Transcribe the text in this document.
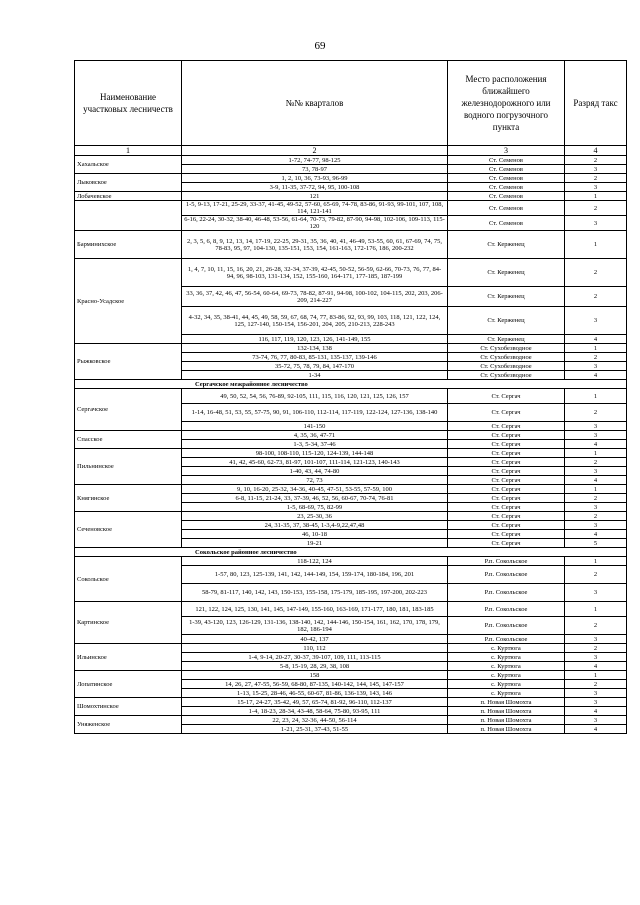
69
Наименование участковых лесничеств	№№ кварталов	Место расположения ближайшего железнодорожного или водного погрузочного пункта	Разряд такс
1	2	3	4
Хахальское	1-72, 74-77, 98-125	Ст. Семенов	2
	73, 78-97	Ст. Семенов	3
Лыковское	1, 2, 10, 36, 73-93, 96-99	Ст. Семенов	2
	3-9, 11-35, 37-72, 94, 95, 100-108	Ст. Семенов	3
Лобачевское	121	Ст. Семенов	1
	1-5, 9-13, 17-21, 25-29, 33-37, 41-45, 49-52, 57-60, 65-69, 74-78, 83-86, 91-93, 99-101, 107, 108, 114, 121-141	Ст. Семенов	2
	6-16, 22-24, 30-32, 38-40, 46-48, 53-56, 61-64, 70-73, 79-82, 87-90, 94-98, 102-106, 109-113, 115-120	Ст. Семенов	3
Барминихское	2, 3, 5, 6, 8, 9, 12, 13, 14, 17-19, 22-25, 29-31, 35, 36, 40, 41, 46-49, 53-55, 60, 61, 67-69, 74, 75, 78-83, 95, 97, 104-130, 135-151, 153, 154, 161-163, 172-176, 186, 200-232	Ст. Керженец	1
Красно-Усадское	1, 4, 7, 10, 11, 15, 16, 20, 21, 26-28, 32-34, 37-39, 42-45, 50-52, 56-59, 62-66, 70-73, 76, 77, 84-94, 96, 98-103, 131-134, 152, 155-160, 164-171, 177-185, 187-199	Ст. Керженец	2
	33, 36, 37, 42, 46, 47, 56-54, 60-64, 69-73, 78-82, 87-91, 94-98, 100-102, 104-115, 202, 203, 206-209, 214-227	Ст. Керженец	2
	4-32, 34, 35, 38-41, 44, 45, 49, 58, 59, 67, 68, 74, 77, 83-86, 92, 93, 99, 103, 118, 121, 122, 124, 125, 127-140, 150-154, 156-201, 204, 205, 210-213, 228-243	Ст. Керженец	3
	116, 117, 119, 120, 123, 126, 141-149, 155	Ст. Керженец	4
Рыжковское	132-134, 138	Ст. Сухобезводное	1
	73-74, 76, 77, 80-83, 85-131, 135-137, 139-146	Ст. Сухобезводное	2
	35-72, 75, 78, 79, 84, 147-170	Ст. Сухобезводное	3
	1-34	Ст. Сухобезводное	4
Сергачское межрайонное лесничество			
Сергачское	49, 50, 52, 54, 56, 76-89, 92-105, 111, 115, 116, 120, 121, 125, 126, 157	Ст. Сергач	1
	1-14, 16-48, 51, 53, 55, 57-75, 90, 91, 106-110, 112-114, 117-119, 122-124, 127-136, 138-140	Ст. Сергач	2
	141-150	Ст. Сергач	3
Спасское	4, 35, 36, 47-71	Ст. Сергач	3
	1-3, 5-34, 37-46	Ст. Сергач	4
Пильнинское	98-100, 108-110, 115-120, 124-139, 144-148	Ст. Сергач	1
	41, 42, 45-60, 62-73, 81-97, 101-107, 111-114, 121-123, 140-143	Ст. Сергач	2
	1-40, 43, 44, 74-80	Ст. Сергач	3
	72, 73	Ст. Сергач	4
Княгинское	9, 10, 16-20, 25-32, 34-36, 40-45, 47-51, 53-55, 57-59, 100	Ст. Сергач	1
	6-8, 11-15, 21-24, 33, 37-39, 46, 52, 56, 60-67, 70-74, 76-81	Ст. Сергач	2
	1-5, 68-69, 75, 82-99	Ст. Сергач	3
Сеченовское	23, 25-30, 36	Ст. Сергач	2
	24, 31-35, 37, 38-45, 1-3,4-9,22,47,48	Ст. Сергач	3
	46, 10-18	Ст. Сергач	4
	19-21	Ст. Сергач	5
Сокольское районное лесничество			
Сокольское	118-122, 124	Р.п. Сокольское	1
	1-57, 80, 123, 125-139, 141, 142, 144-149, 154, 159-174, 180-184, 196, 201	Р.п. Сокольское	2
	58-79, 81-117, 140, 142, 143, 150-153, 155-158, 175-179, 185-195, 197-200, 202-223	Р.п. Сокольское	3
Картинское	121, 122, 124, 125, 130, 141, 145, 147-149, 155-160, 163-169, 171-177, 180, 181, 183-185	Р.п. Сокольское	1
	1-39, 43-120, 123, 126-129, 131-136, 138-140, 142, 144-146, 150-154, 161, 162, 170, 178, 179, 182, 186-194	Р.п. Сокольское	2
	40-42, 137	Р.п. Сокольское	3
Ильинское	110, 112	с. Куртюга	2
	1-4, 9-14, 20-27, 30-37, 39-107, 109, 111, 113-115	с. Куртюга	3
	5-8, 15-19, 28, 29, 38, 108	с. Куртюга	4
Лопатинское	158	с. Куртюга	1
	14, 26, 27, 47-55, 56-59, 68-80, 87-135, 140-142, 144, 145, 147-157	с. Куртюга	2
	1-13, 15-25, 28-46, 46-55, 60-67, 81-86, 136-139, 143, 146	с. Куртюга	3
Шомохтинское	15-17, 24-27, 35-42, 49, 57, 65-74, 81-92, 96-110, 112-137	п. Новая Шомохта	3
	1-4, 18-23, 28-34, 43-48, 58-64, 75-80, 93-95, 111	п. Новая Шомохта	4
Уняженское	22, 23, 24, 32-36, 44-50, 56-114	п. Новая Шомохта	3
	1-21, 25-31, 37-43, 51-55	п. Новая Шомохта	4
